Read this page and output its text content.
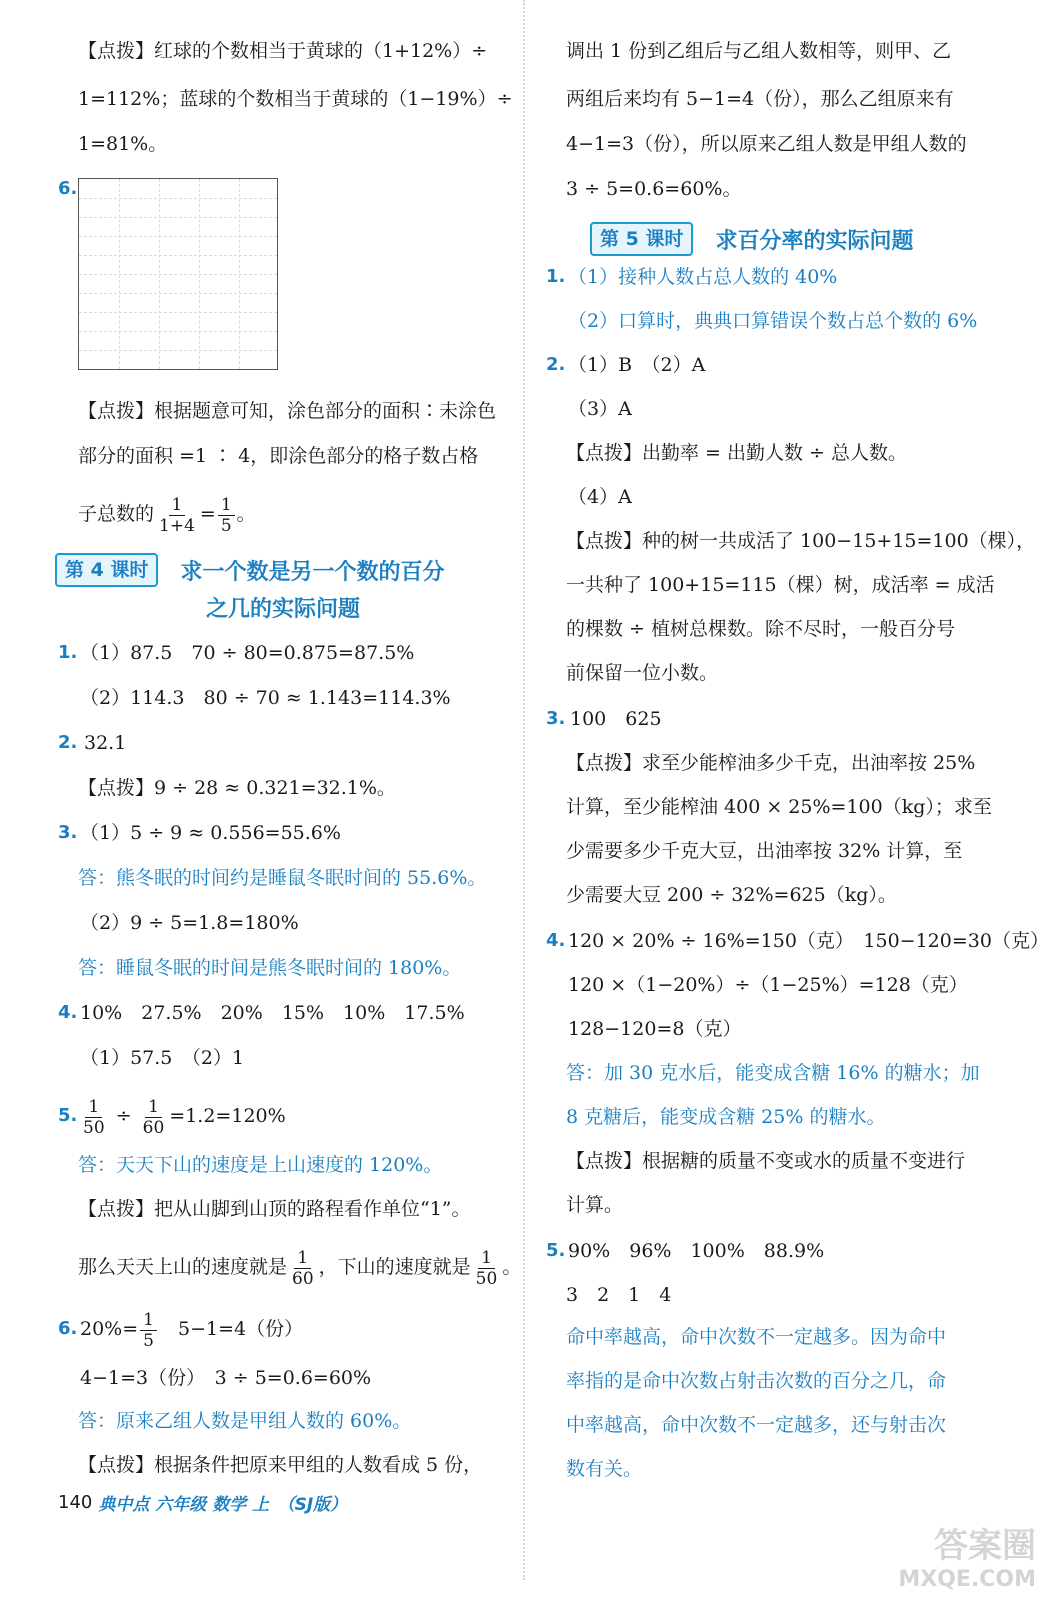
【点拨】红球的个数相当于黄球的（1+12%）÷
1=112%；蓝球的个数相当于黄球的（1−19%）÷
1=81%。
6.
【点拨】根据题意可知，涂色部分的面积∶未涂色
部分的面积 =1 ∶ 4，即涂色部分的格子数占格
子总数的 $\frac{1}{1+4} = \frac{1}{5}$ 。
第 4 课时	求一个数是另一个数的百分
之几的实际问题
1. （1）87.5　70 ÷ 80=0.875=87.5%
（2）114.3　80 ÷ 70 ≈ 1.143=114.3%
2. 32.1
【点拨】9 ÷ 28 ≈ 0.321=32.1%。
3. （1）5 ÷ 9 ≈ 0.556=55.6%
答：熊冬眠的时间约是睡鼠冬眠时间的 55.6%。
（2）9 ÷ 5=1.8=180%
答：睡鼠冬眠的时间是熊冬眠时间的 180%。
4. 10%　27.5%　20%　15%　10%　17.5%
（1）57.5　（2）1
5. $\frac{1}{50} \div \frac{1}{60} =1.2=120\%$
答：天天下山的速度是上山速度的 120%。
【点拨】把从山脚到山顶的路程看作单位“1”。
那么天天上山的速度就是 $\frac{1}{60}$ ，下山的速度就是 $\frac{1}{50}$ 。
6. $20\%= \frac{1}{5}$ 　5−1=4（份）
4−1=3（份）　3 ÷ 5=0.6=60%
答：原来乙组人数是甲组人数的 60%。
【点拨】根据条件把原来甲组的人数看成 5 份，
调出 1 份到乙组后与乙组人数相等，则甲、乙
两组后来均有 5−1=4（份），那么乙组原来有
4−1=3（份），所以原来乙组人数是甲组人数的
3 ÷ 5=0.6=60%。
第 5 课时	求百分率的实际问题
1. （1）接种人数占总人数的 40%
（2）口算时，典典口算错误个数占总个数的 6%
2. （1）B　（2）A
（3）A
【点拨】出勤率 = 出勤人数 ÷ 总人数。
（4）A
【点拨】种的树一共成活了 100−15+15=100（棵），
一共种了 100+15=115（棵）树，成活率 = 成活
的棵数 ÷ 植树总棵数。除不尽时，一般百分号
前保留一位小数。
3. 100　625
【点拨】求至少能榨油多少千克，出油率按 25%
计算，至少能榨油 400 × 25%=100（kg）；求至
少需要多少千克大豆，出油率按 32% 计算，至
少需要大豆 200 ÷ 32%=625（kg）。
4. 120 × 20% ÷ 16%=150（克）　150−120=30（克）
120 ×（1−20%）÷（1−25%）=128（克）
128−120=8（克）
答：加 30 克水后，能变成含糖 16% 的糖水；加
8 克糖后，能变成含糖 25% 的糖水。
【点拨】根据糖的质量不变或水的质量不变进行
计算。
5. 90%　96%　100%　88.9%
3　2　1　4
命中率越高，命中次数不一定越多。因为命中
率指的是命中次数占射击次数的百分之几，命
中率越高，命中次数不一定越多，还与射击次
数有关。
140 典中点 六年级 数学 上　（SJ版）
答案圈
MXQE.COM
